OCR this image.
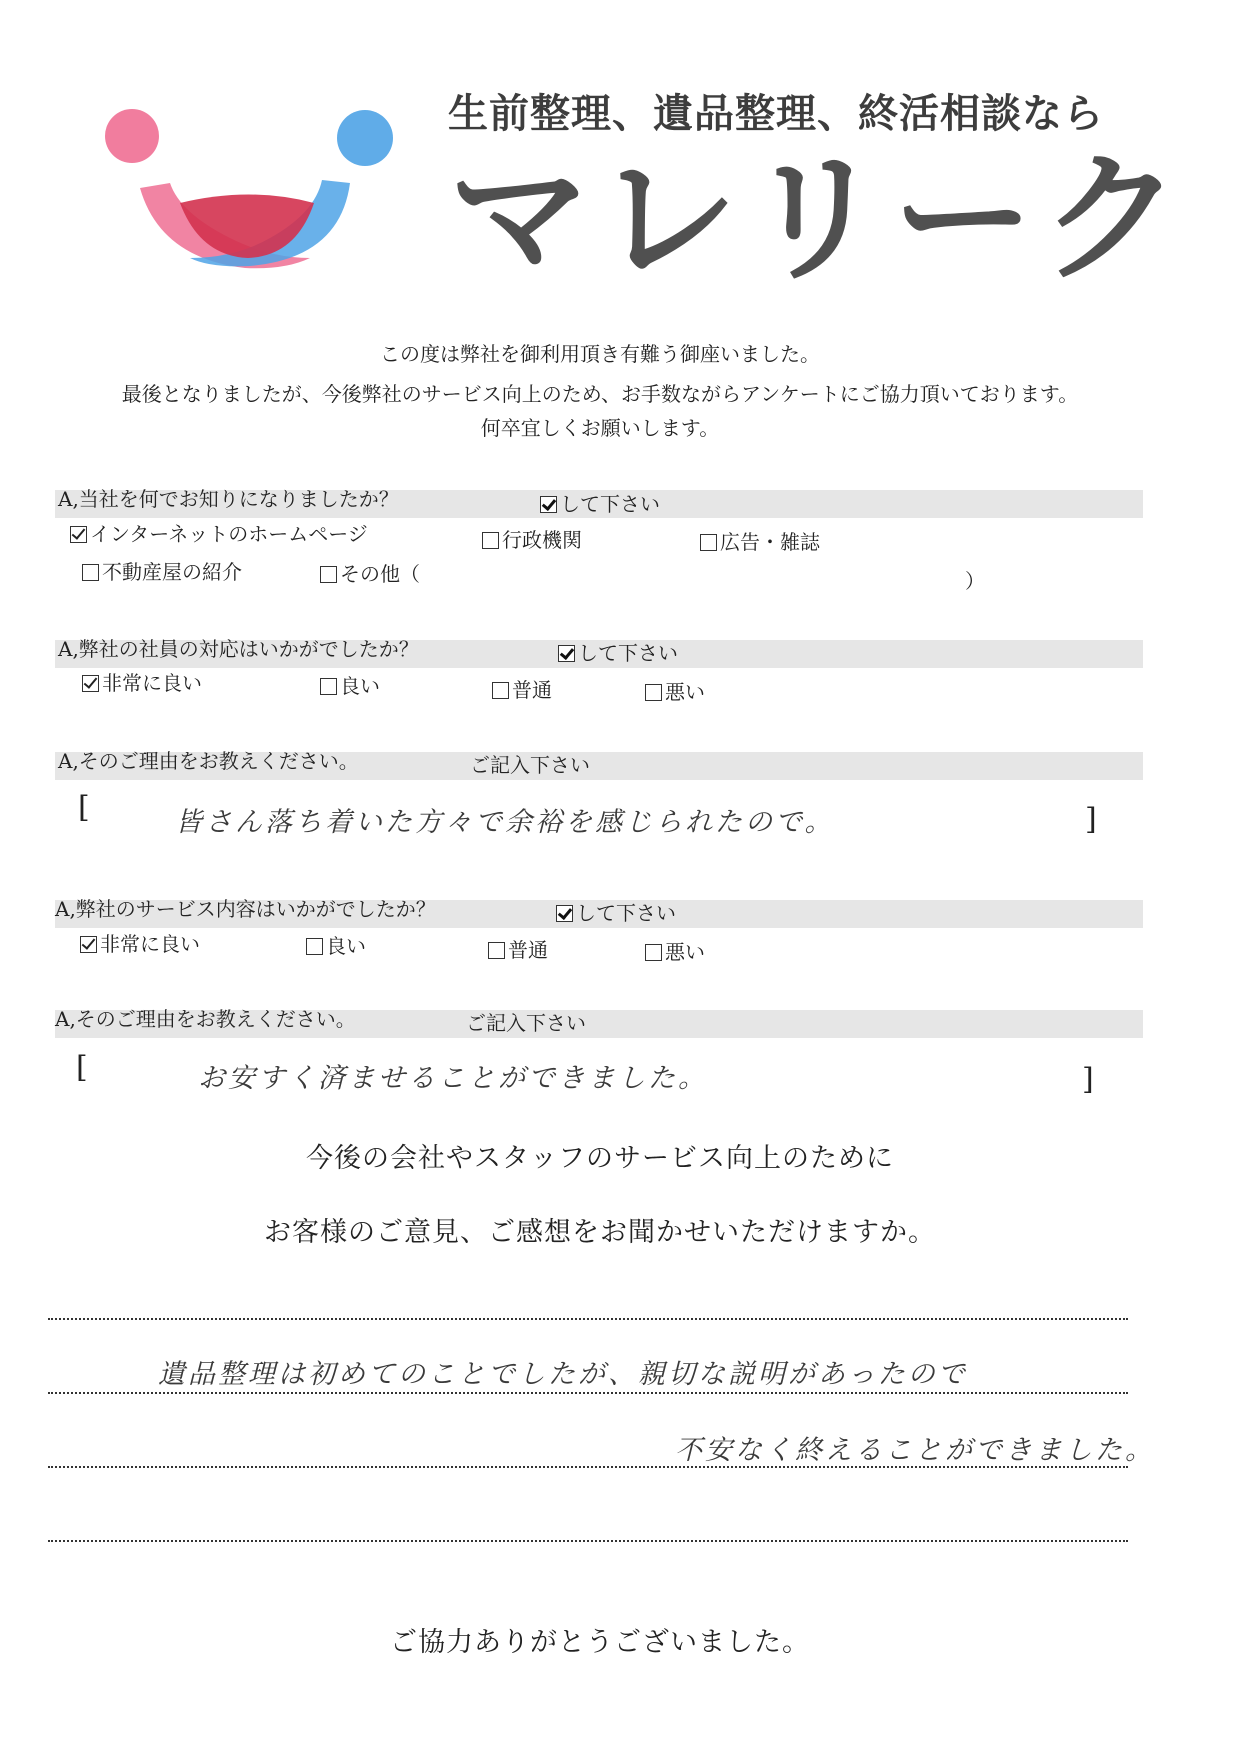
生前整理、遺品整理、終活相談なら
マレリーク
この度は弊社を御利用頂き有難う御座いました。
最後となりましたが、今後弊社のサービス向上のため、お手数ながらアンケートにご協力頂いております。
何卒宜しくお願いします。
A,当社を何でお知りになりましたか？	して下さい
インターネットのホームページ	行政機関	広告・雑誌
不動産屋の紹介	その他（	）
A,弊社の社員の対応はいかがでしたか？	して下さい
非常に良い	良い	普通	悪い
A,そのご理由をお教えください。	ご記入下さい
[	皆さん落ち着いた方々で余裕を感じられたので。	]
A,弊社のサービス内容はいかがでしたか？	して下さい
非常に良い	良い	普通	悪い
A,そのご理由をお教えください。	ご記入下さい
[	お安すく済ませることができました。	]
今後の会社やスタッフのサービス向上のために
お客様のご意見、ご感想をお聞かせいただけますか。
遺品整理は初めてのことでしたが、親切な説明があったので
不安なく終えることができました。
ご協力ありがとうございました。
